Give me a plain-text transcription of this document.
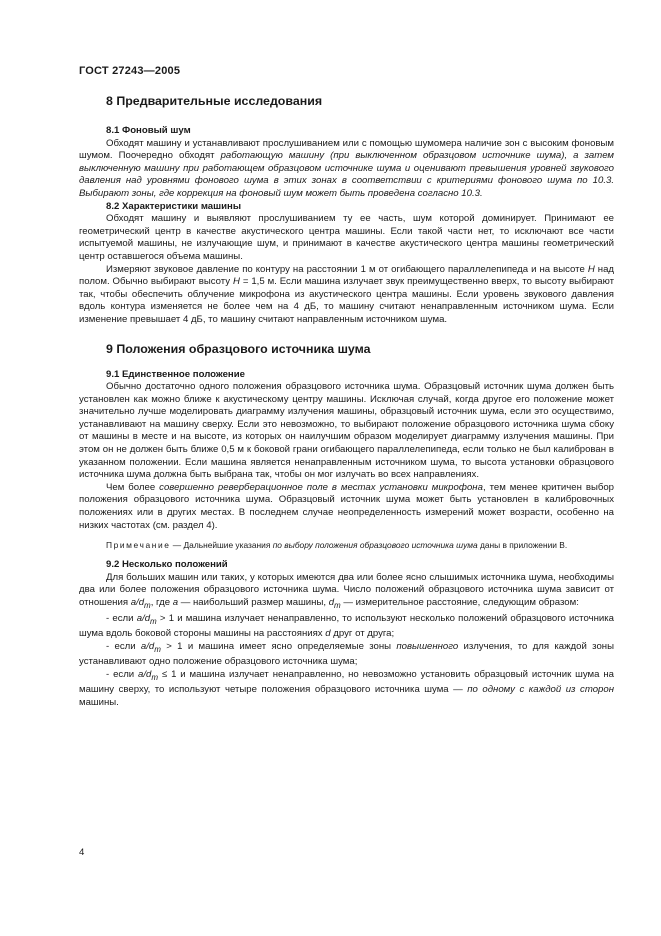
ГОСТ 27243—2005
8 Предварительные исследования
8.1 Фоновый шум

Обходят машину и устанавливают прослушиванием или с помощью шумомера наличие зон с высоким фоновым шумом. Поочередно обходят работающую машину (при выключенном образцовом источнике шума), а затем выключенную машину при работающем образцовом источнике шума и оценивают превышения уровней звукового давления над уровнями фонового шума в этих зонах в соответствии с критериями фонового шума по 10.3. Выбирают зоны, где коррекция на фоновый шум может быть проведена согласно 10.3.

8.2 Характеристики машины

Обходят машину и выявляют прослушиванием ту ее часть, шум которой доминирует. Принимают ее геометрический центр в качестве акустического центра машины. Если такой части нет, то исключают все части испытуемой машины, не излучающие шум, и принимают в качестве акустического центра машины геометрический центр оставшегося объема машины.

Измеряют звуковое давление по контуру на расстоянии 1 м от огибающего параллелепипеда и на высоте H над полом. Обычно выбирают высоту H = 1,5 м. Если машина излучает звук преимущественно вверх, то высоту выбирают так, чтобы обеспечить облучение микрофона из акустического центра машины. Если уровень звукового давления вдоль контура изменяется не более чем на 4 дБ, то машину считают ненаправленным источником шума. Если изменение превышает 4 дБ, то машину считают направленным источником шума.

9 Положения образцового источника шума
9.1 Единственное положение

Обычно достаточно одного положения образцового источника шума. Образцовый источник шума должен быть установлен как можно ближе к акустическому центру машины. Исключая случай, когда другое его положение может значительно лучше моделировать диаграмму излучения машины, образцовый источник шума, если это осуществимо, устанавливают на машину сверху. Если это невозможно, то выбирают положение образцового источника шума сбоку от машины в месте и на высоте, из которых он наилучшим образом моделирует диаграмму излучения машины. При этом он не должен быть ближе 0,5 м к боковой грани огибающего параллелепипеда, если только не был калиброван в указанном положении. Если машина является ненаправленным источником шума, то высота установки образцового источника шума должна быть выбрана так, чтобы он мог излучать во всех направлениях.

Чем более совершенно реверберационное поле в местах установки микрофона, тем менее критичен выбор положения образцового источника шума. Образцовый источник шума может быть установлен в калибровочных положениях или в других местах. В последнем случае неопределенность измерений может возрасти, особенно на низких частотах (см. раздел 4).

Примечание — Дальнейшие указания по выбору положения образцового источника шума даны в приложении В.

9.2 Несколько положений

Для больших машин или таких, у которых имеются два или более ясно слышимых источника шума, необходимы два или более положения образцового источника шума. Число положений образцового источника шума зависит от отношения $a/d_m$, где a — наибольший размер машины, $d_m$ — измерительное расстояние, следующим образом:

- если $a/d_m > 1$ и машина излучает ненаправленно, то используют несколько положений образцового источника шума вдоль боковой стороны машины на расстояниях d друг от друга;

- если $a/d_m > 1$ и машина имеет ясно определяемые зоны повышенного излучения, то для каждой зоны устанавливают одно положение образцового источника шума;

- если $a/d_m \le 1$ и машина излучает ненаправленно, но невозможно установить образцовый источник шума на машину сверху, то используют четыре положения образцового источника шума — по одному с каждой из сторон машины.

4
